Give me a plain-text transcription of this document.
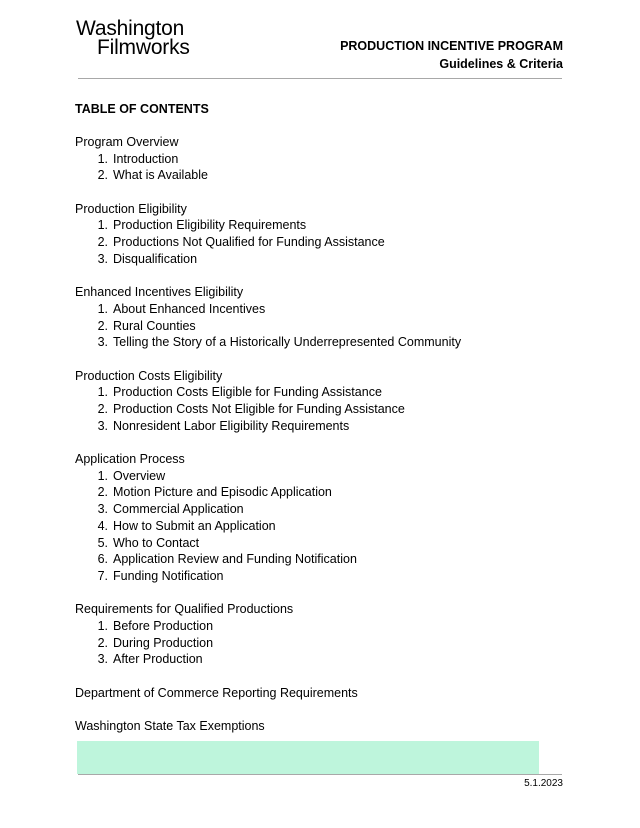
Washington
Filmworks	PRODUCTION INCENTIVE PROGRAM
Guidelines & Criteria
TABLE OF CONTENTS
Program Overview
1. Introduction
2. What is Available
Production Eligibility
1. Production Eligibility Requirements
2. Productions Not Qualified for Funding Assistance
3. Disqualification
Enhanced Incentives Eligibility
1. About Enhanced Incentives
2. Rural Counties
3. Telling the Story of a Historically Underrepresented Community
Production Costs Eligibility
1. Production Costs Eligible for Funding Assistance
2. Production Costs Not Eligible for Funding Assistance
3. Nonresident Labor Eligibility Requirements
Application Process
1. Overview
2. Motion Picture and Episodic Application
3. Commercial Application
4. How to Submit an Application
5. Who to Contact
6. Application Review and Funding Notification
7. Funding Notification
Requirements for Qualified Productions
1. Before Production
2. During Production
3. After Production
Department of Commerce Reporting Requirements
Washington State Tax Exemptions
5.1.2023
